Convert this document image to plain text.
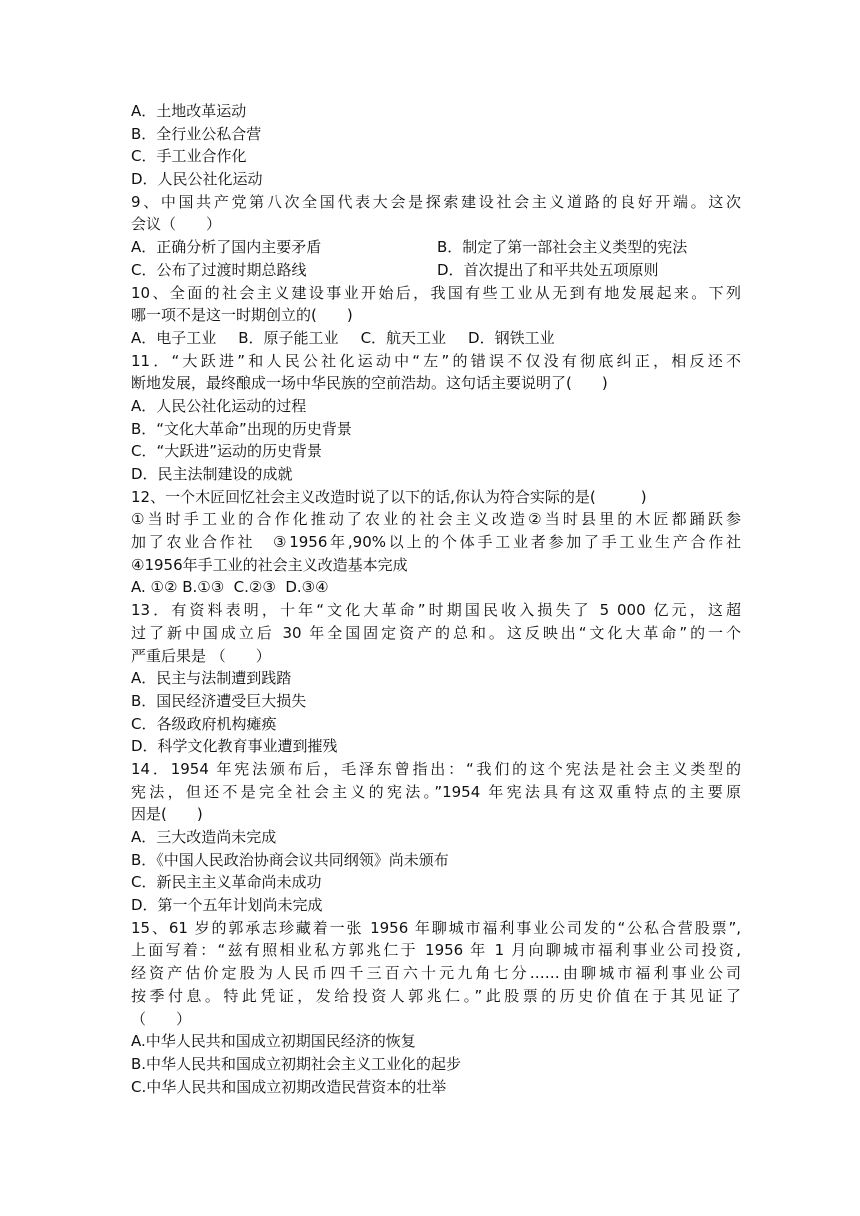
A．土地改革运动
B．全行业公私合营
C．手工业合作化
D．人民公社化运动
9、中国共产党第八次全国代表大会是探索建设社会主义道路的良好开端。这次
会议（　　）
A．正确分析了国内主要矛盾	B．制定了第一部社会主义类型的宪法
C．公布了过渡时期总路线	D．首次提出了和平共处五项原则
10、全面的社会主义建设事业开始后，我国有些工业从无到有地发展起来。下列
哪一项不是这一时期创立的(　　)
A．电子工业 B．原子能工业 C．航天工业 D．钢铁工业
11．“大跃进”和人民公社化运动中“左”的错误不仅没有彻底纠正，相反还不
断地发展，最终酿成一场中华民族的空前浩劫。这句话主要说明了(　　)
A．人民公社化运动的过程
B．“文化大革命”出现的历史背景
C．“大跃进”运动的历史背景
D．民主法制建设的成就
12、一个木匠回忆社会主义改造时说了以下的话,你认为符合实际的是(　　　)
①当时手工业的合作化推动了农业的社会主义改造②当时县里的木匠都踊跃参
加了农业合作社　③1956年,90%以上的个体手工业者参加了手工业生产合作社
④1956年手工业的社会主义改造基本完成
A. ①② B.①③  C.②③  D.③④
13．有资料表明，十年“文化大革命”时期国民收入损失了 5 000 亿元，这超
过了新中国成立后 30 年全国固定资产的总和。这反映出“文化大革命”的一个
严重后果是 （　　）
A．民主与法制遭到践踏
B．国民经济遭受巨大损失
C．各级政府机构瘫痪
D．科学文化教育事业遭到摧残
14．1954 年宪法颁布后，毛泽东曾指出：“我们的这个宪法是社会主义类型的
宪法，但还不是完全社会主义的宪法。”1954 年宪法具有这双重特点的主要原
因是(　　)
A．三大改造尚未完成
B．《中国人民政治协商会议共同纲领》尚未颁布
C．新民主主义革命尚未成功
D．第一个五年计划尚未完成
15、61 岁的郭承志珍藏着一张 1956 年聊城市福利事业公司发的“公私合营股票”,
上面写着：“兹有照相业私方郭兆仁于 1956 年 1 月向聊城市福利事业公司投资,
经资产估价定股为人民币四千三百六十元九角七分……由聊城市福利事业公司
按季付息。特此凭证，发给投资人郭兆仁。”此股票的历史价值在于其见证了
（　　）
A.中华人民共和国成立初期国民经济的恢复
B.中华人民共和国成立初期社会主义工业化的起步
C.中华人民共和国成立初期改造民营资本的壮举
